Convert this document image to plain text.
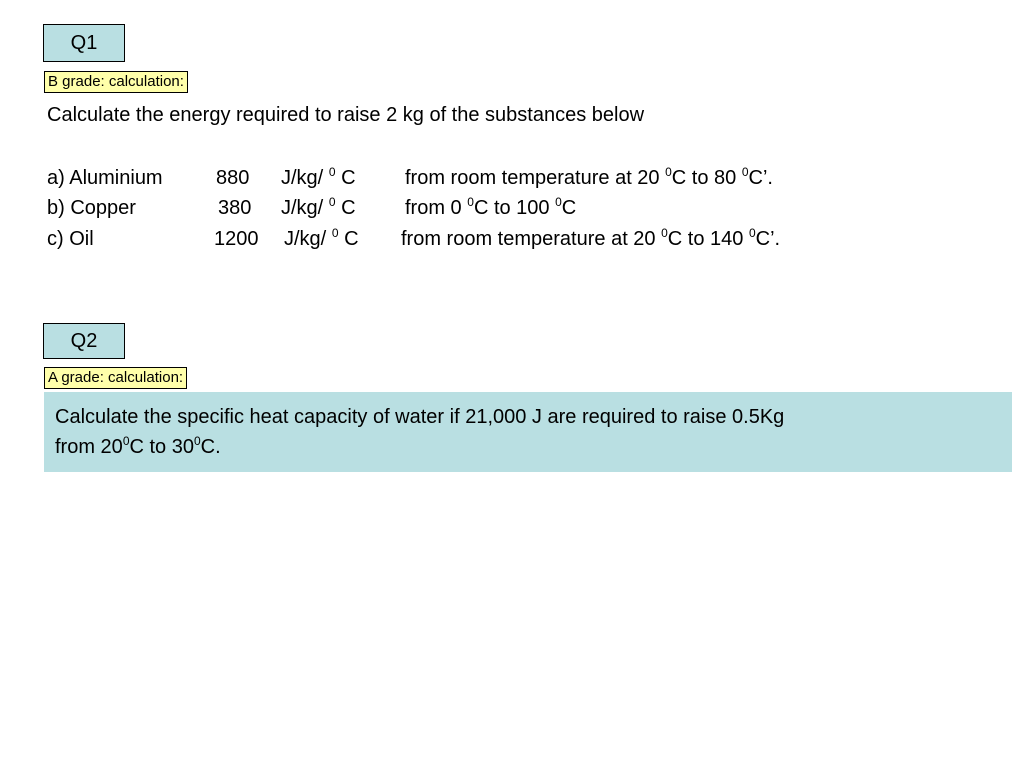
Q1
B grade: calculation:
Calculate the energy required to raise 2 kg of the substances below
a) Aluminium	880 J/kg/ $^0$ C from room temperature at 20 $^0$C to 80 $^0$C’.
b) Copper	380 J/kg/ $^0$ C from 0 $^0$C to 100 $^0$C
c) Oil	1200 J/kg/ $^0$ C from room temperature at 20 $^0$C to 140 $^0$C’.
Q2
A grade: calculation:
Calculate the specific heat capacity of water if 21,000 J are required to raise 0.5Kg
from $20^0C$ to $30^0C$.
